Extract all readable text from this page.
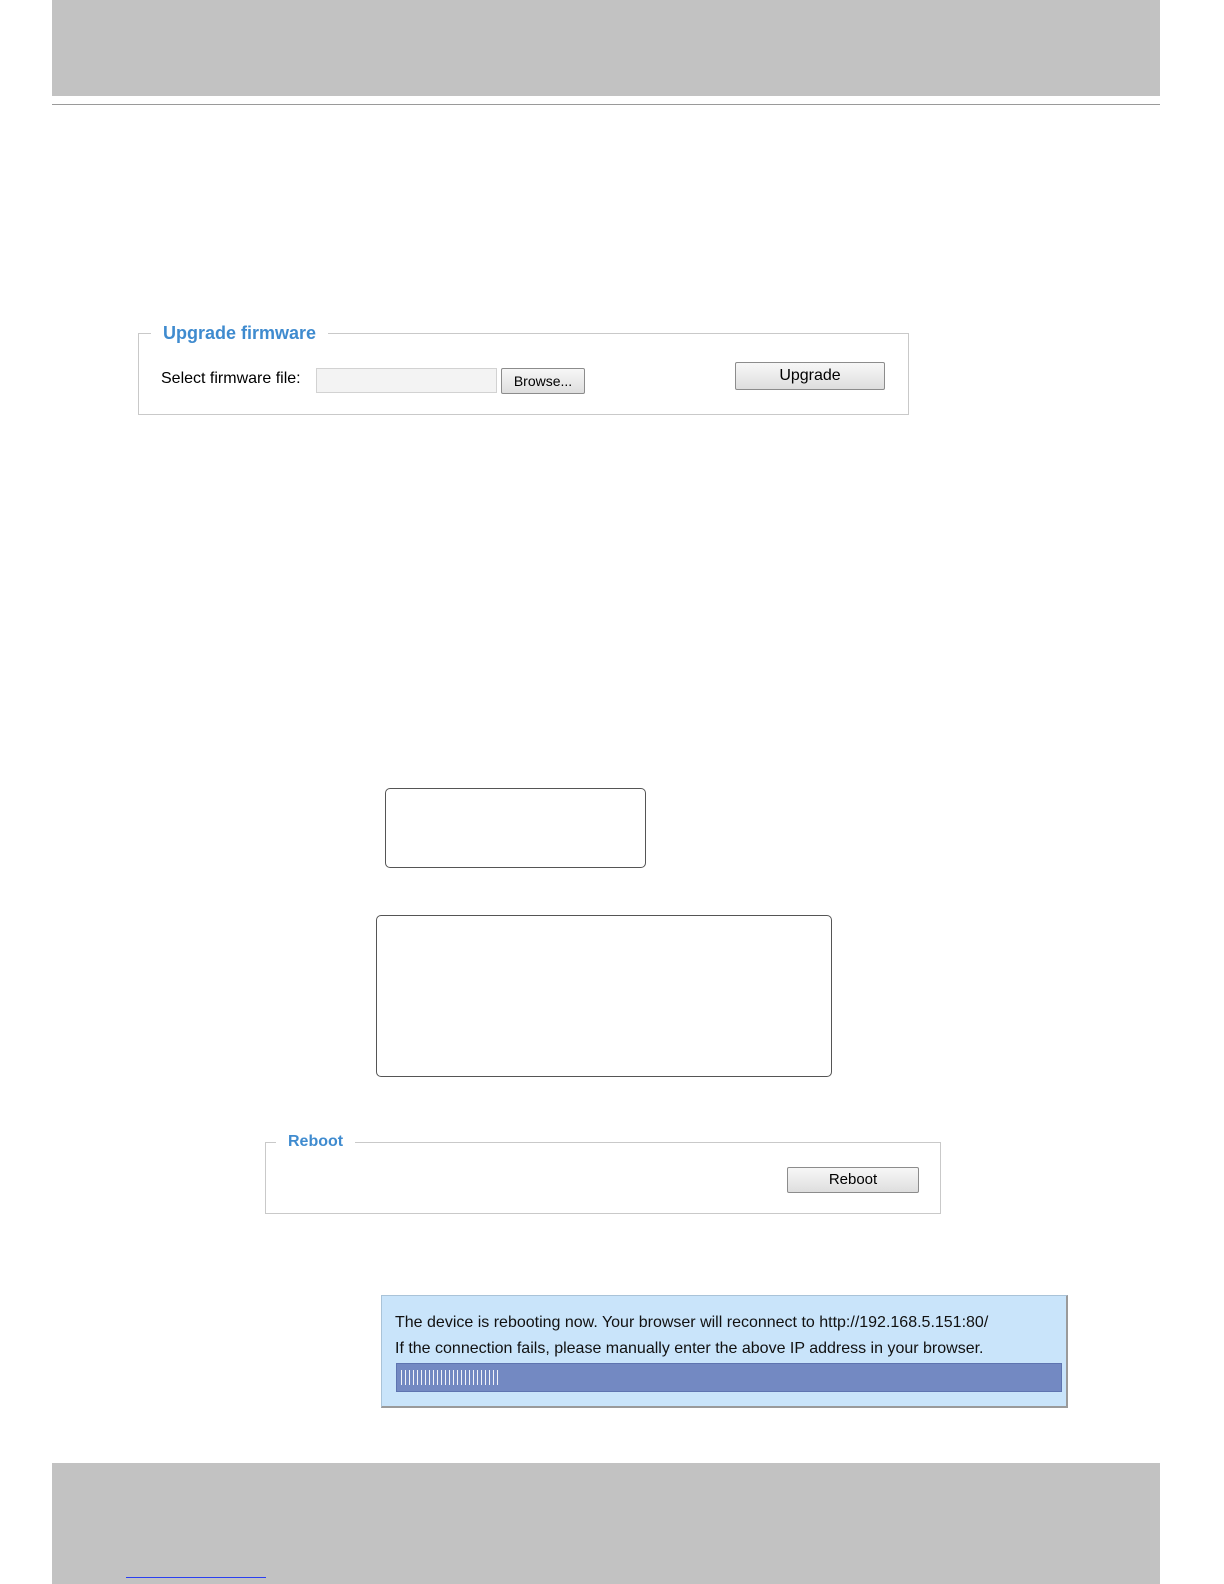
Upgrade firmware
Select firmware file:	Browse...	Upgrade
Reboot
Reboot
The device is rebooting now. Your browser will reconnect to http://192.168.5.151:80/
If the connection fails, please manually enter the above IP address in your browser.
